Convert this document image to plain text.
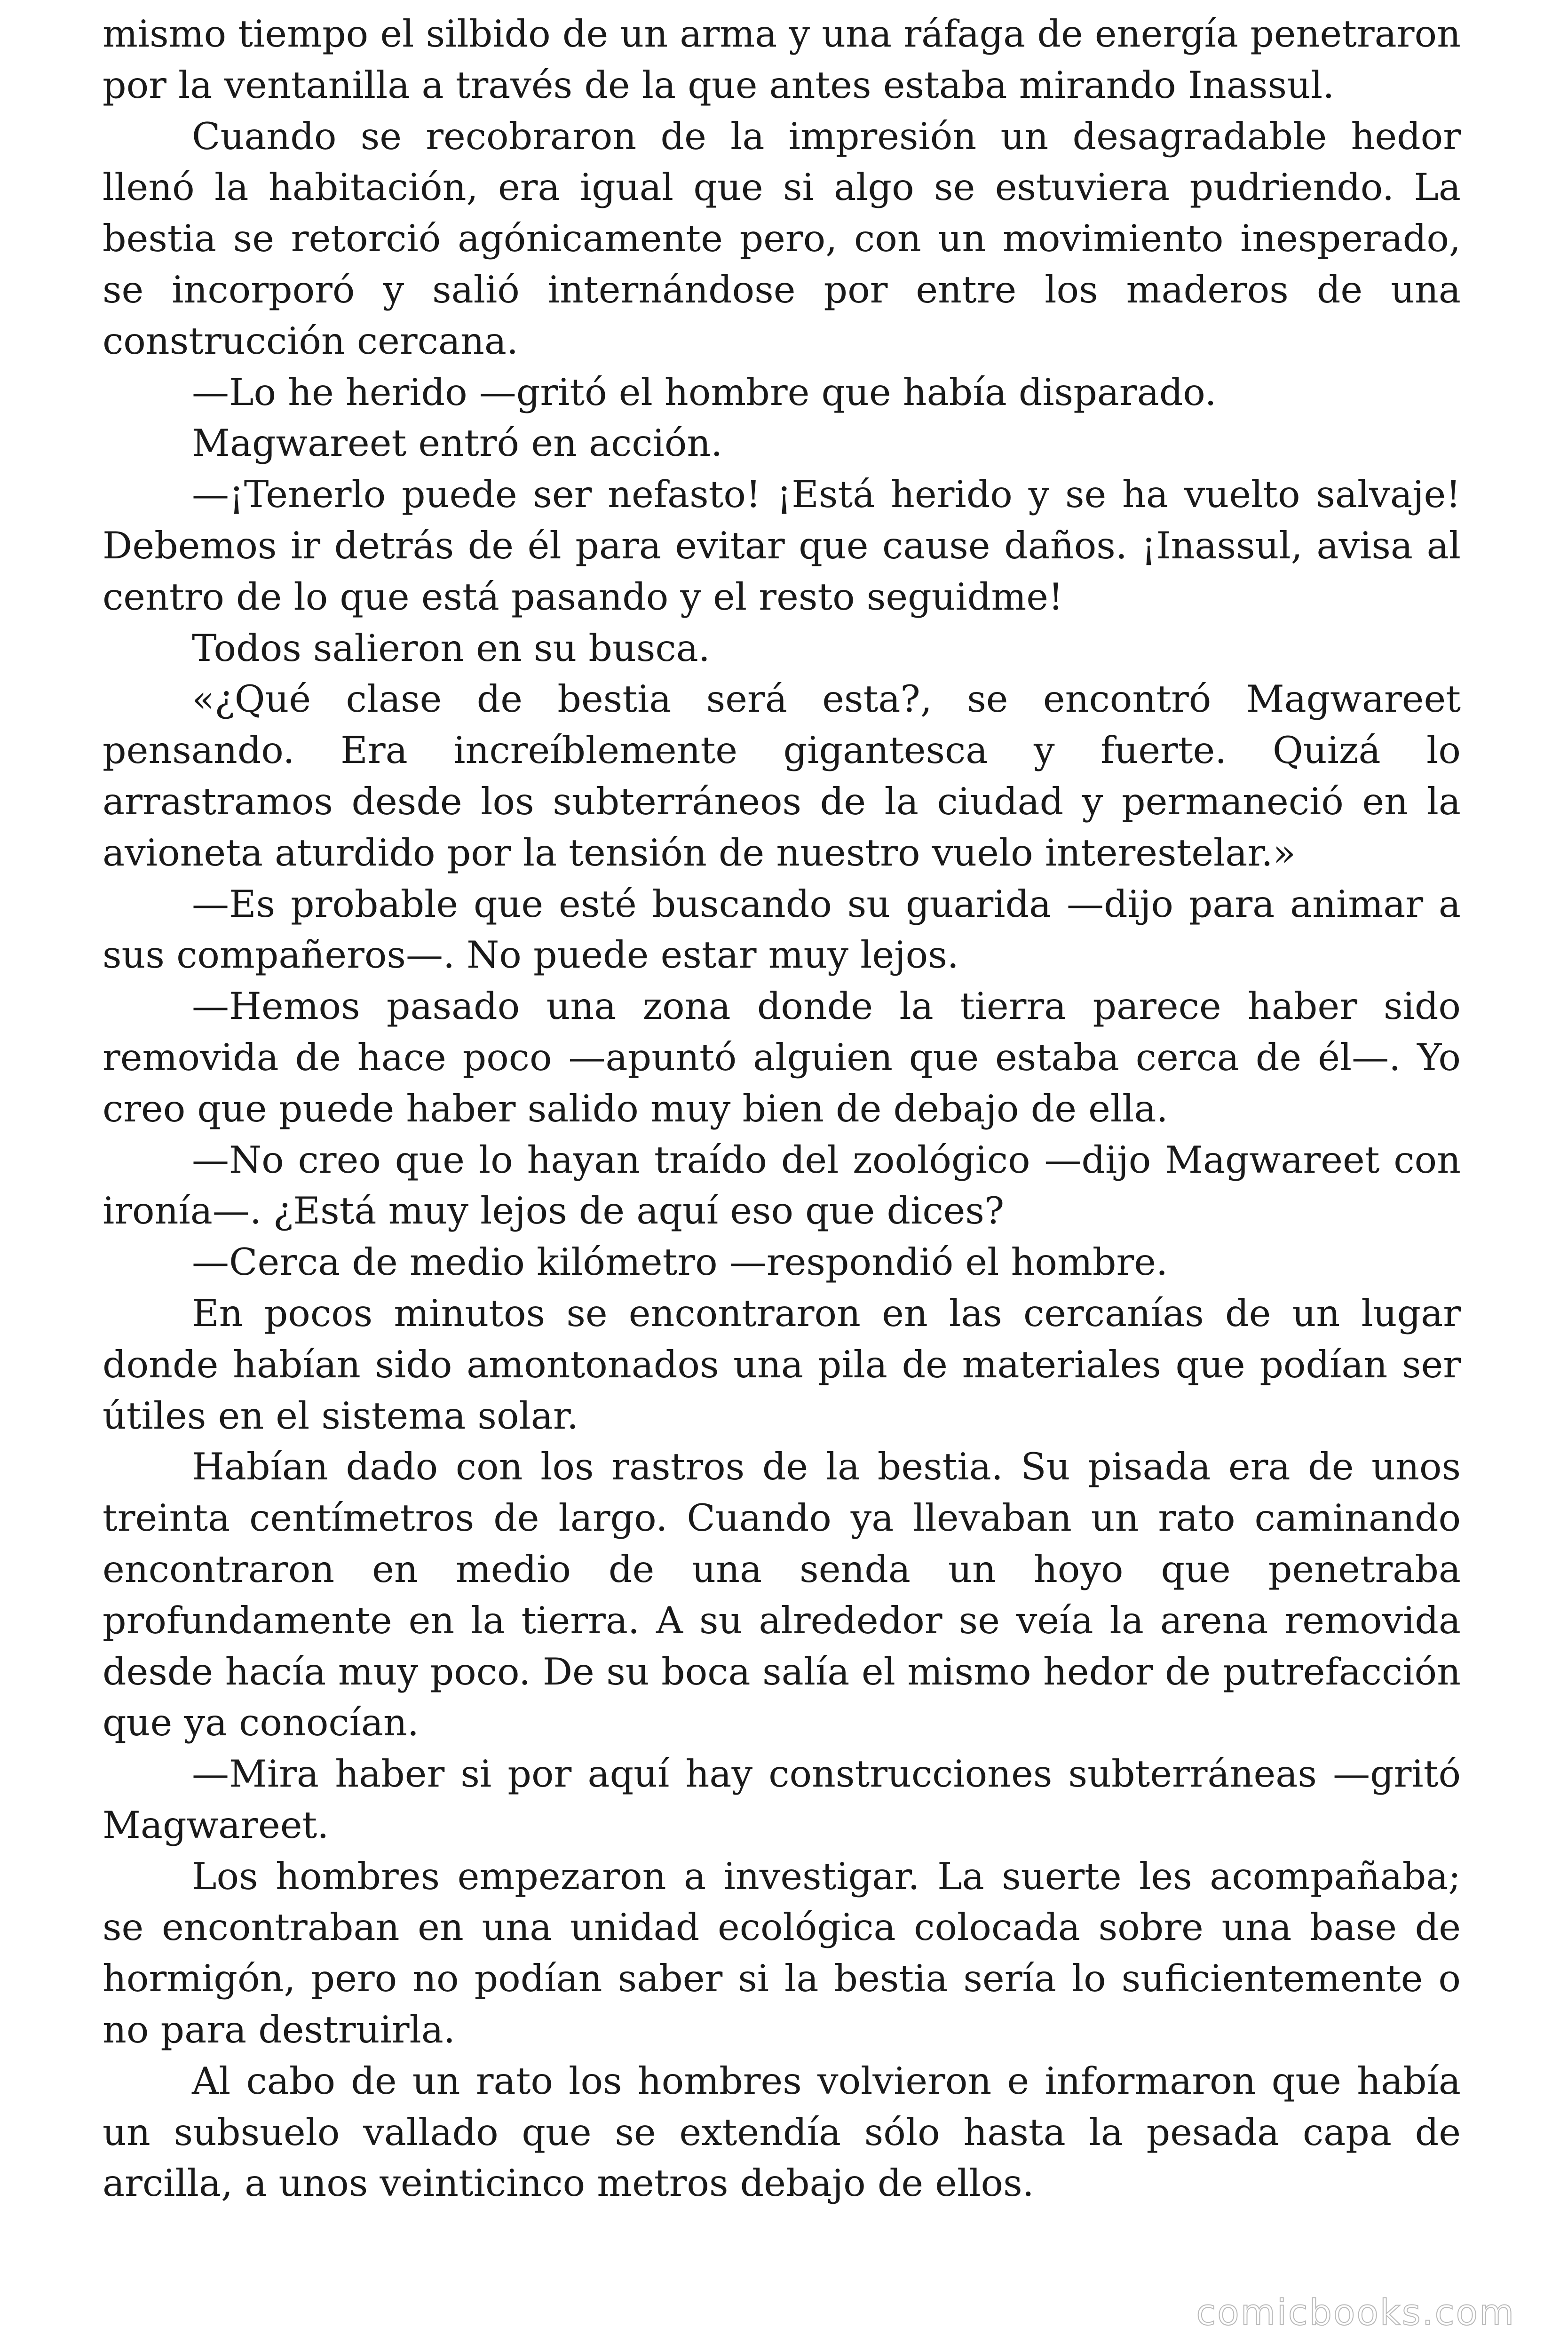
mismo tiempo el silbido de un arma y una ráfaga de energía penetraron por la ventanilla a través de la que antes estaba mirando Inassul.

Cuando se recobraron de la impresión un desagradable hedor llenó la habitación, era igual que si algo se estuviera pudriendo. La bestia se retorció agónicamente pero, con un movimiento inesperado, se incorporó y salió internándose por entre los maderos de una construcción cercana.

—Lo he herido —gritó el hombre que había disparado.

Magwareet entró en acción.

—¡Tenerlo puede ser nefasto! ¡Está herido y se ha vuelto salvaje! Debemos ir detrás de él para evitar que cause daños. ¡Inassul, avisa al centro de lo que está pasando y el resto seguidme!

Todos salieron en su busca.

«¿Qué clase de bestia será esta?, se encontró Magwareet pensando. Era increíblemente gigantesca y fuerte. Quizá lo arrastramos desde los subterráneos de la ciudad y permaneció en la avioneta aturdido por la tensión de nuestro vuelo interestelar.»

—Es probable que esté buscando su guarida —dijo para animar a sus compañeros—. No puede estar muy lejos.

—Hemos pasado una zona donde la tierra parece haber sido removida de hace poco —apuntó alguien que estaba cerca de él—. Yo creo que puede haber salido muy bien de debajo de ella.

—No creo que lo hayan traído del zoológico —dijo Magwareet con ironía—. ¿Está muy lejos de aquí eso que dices?

—Cerca de medio kilómetro —respondió el hombre.

En pocos minutos se encontraron en las cercanías de un lugar donde habían sido amontonados una pila de materiales que podían ser útiles en el sistema solar.

Habían dado con los rastros de la bestia. Su pisada era de unos treinta centímetros de largo. Cuando ya llevaban un rato caminando encontraron en medio de una senda un hoyo que penetraba profundamente en la tierra. A su alrededor se veía la arena removida desde hacía muy poco. De su boca salía el mismo hedor de putrefacción que ya conocían.

—Mira haber si por aquí hay construcciones subterráneas —gritó Magwareet.

Los hombres empezaron a investigar. La suerte les acompañaba; se encontraban en una unidad ecológica colocada sobre una base de hormigón, pero no podían saber si la bestia sería lo suficientemente o no para destruirla.

Al cabo de un rato los hombres volvieron e informaron que había un subsuelo vallado que se extendía sólo hasta la pesada capa de arcilla, a unos veinticinco metros debajo de ellos.

comicbooks.com
